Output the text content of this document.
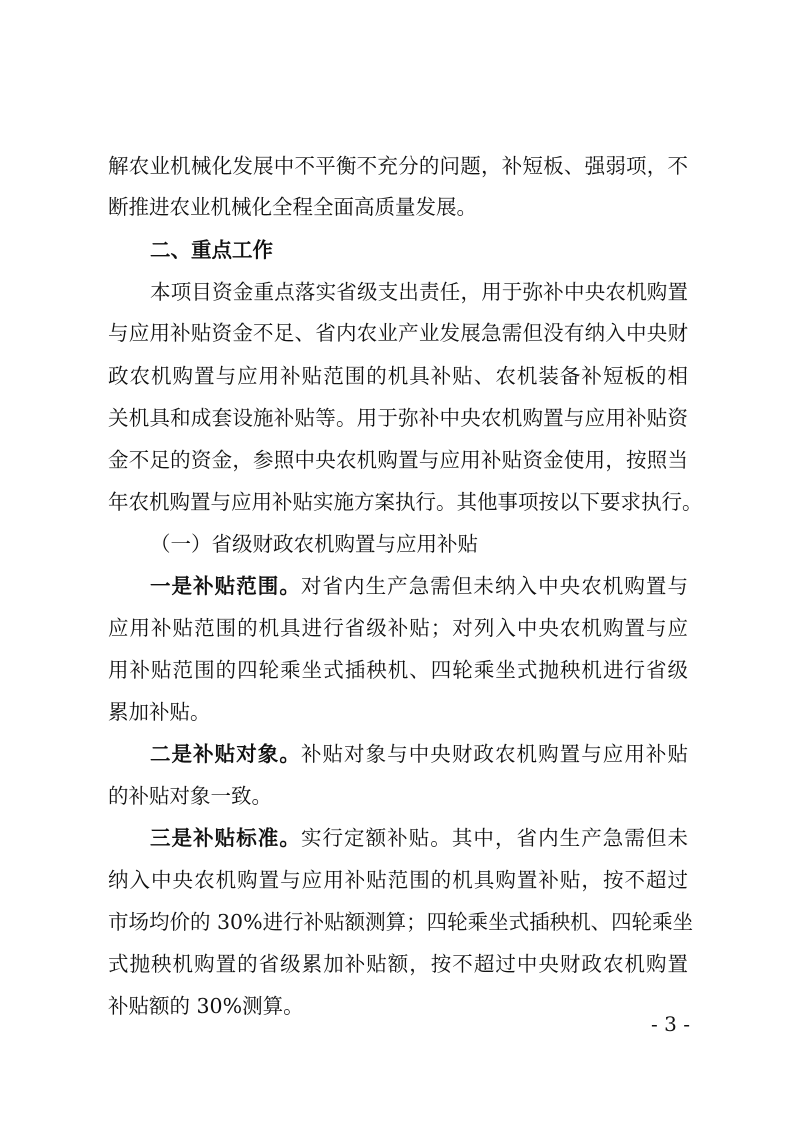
解农业机械化发展中不平衡不充分的问题，补短板、强弱项，不
断推进农业机械化全程全面高质量发展。
二、重点工作
本项目资金重点落实省级支出责任，用于弥补中央农机购置
与应用补贴资金不足、省内农业产业发展急需但没有纳入中央财
政农机购置与应用补贴范围的机具补贴、农机装备补短板的相
关机具和成套设施补贴等。用于弥补中央农机购置与应用补贴资
金不足的资金，参照中央农机购置与应用补贴资金使用，按照当
年农机购置与应用补贴实施方案执行。其他事项按以下要求执行。
（一）省级财政农机购置与应用补贴
一是补贴范围。对省内生产急需但未纳入中央农机购置与
应用补贴范围的机具进行省级补贴；对列入中央农机购置与应
用补贴范围的四轮乘坐式插秧机、四轮乘坐式抛秧机进行省级
累加补贴。
二是补贴对象。补贴对象与中央财政农机购置与应用补贴
的补贴对象一致。
三是补贴标准。实行定额补贴。其中，省内生产急需但未
纳入中央农机购置与应用补贴范围的机具购置补贴，按不超过
市场均价的 30%进行补贴额测算；四轮乘坐式插秧机、四轮乘坐
式抛秧机购置的省级累加补贴额，按不超过中央财政农机购置
补贴额的 30%测算。
- 3 -
